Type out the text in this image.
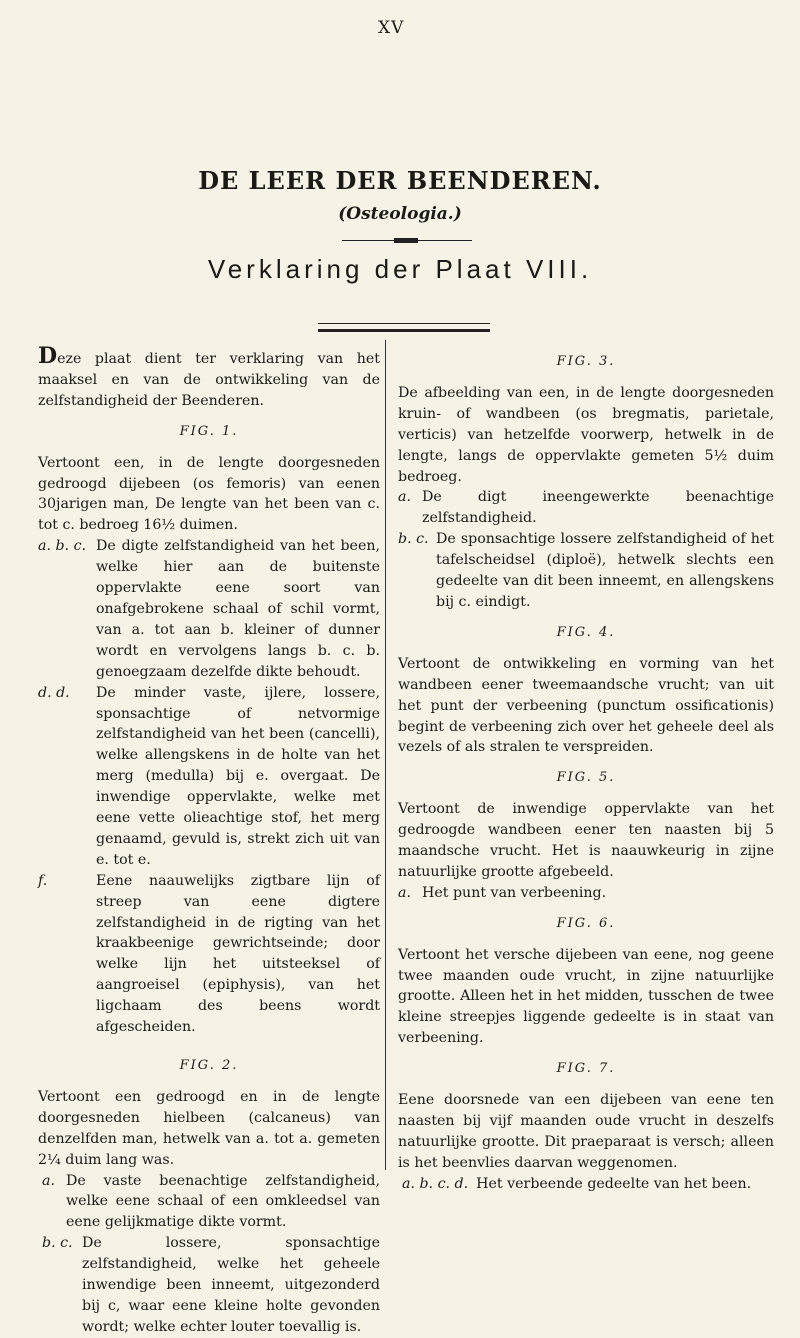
XV
DE LEER DER BEENDEREN.
(Osteologia.)
Verklaring der Plaat VIII.

Deze plaat dient ter verklaring van het maaksel en van de ontwikkeling van de zelfstandigheid der Beenderen.

FIG. 1.

Vertoont een, in de lengte doorgesneden gedroogd dijebeen (os femoris) van eenen 30jarigen man, De lengte van het been van c. tot c. bedroeg 16½ duimen.

a. b. c. De digte zelfstandigheid van het been, welke hier aan de buitenste oppervlakte eene soort van onafgebrokene schaal of schil vormt, van a. tot aan b. kleiner of dunner wordt en vervolgens langs b. c. b. genoegzaam dezelfde dikte behoudt.
d. d.	De minder vaste, ijlere, lossere, sponsachtige of netvormige zelfstandigheid van het been (cancelli), welke allengskens in de holte van het merg (medulla) bij e. overgaat. De inwendige oppervlakte, welke met eene vette olieachtige stof, het merg genaamd, gevuld is, strekt zich uit van e. tot e.
f.	Eene naauwelijks zigtbare lijn of streep van eene digtere zelfstandigheid in de rigting van het kraakbeenige gewrichtseinde; door welke lijn het uitsteeksel of aangroeisel (epiphysis), van het ligchaam des beens wordt afgescheiden.
FIG. 2.

Vertoont een gedroogd en in de lengte doorgesneden hielbeen (calcaneus) van denzelfden man, hetwelk van a. tot a. gemeten 2¼ duim lang was.

a. De vaste beenachtige zelfstandigheid, welke eene schaal of een omkleedsel van eene gelijkmatige dikte vormt.
b. c. De lossere, sponsachtige zelfstandigheid, welke het geheele inwendige been inneemt, uitgezonderd bij c, waar eene kleine holte gevonden wordt; welke echter louter toevallig is.
FIG. 3.

De afbeelding van een, in de lengte doorgesneden kruin- of wandbeen (os bregmatis, parietale, verticis) van hetzelfde voorwerp, hetwelk in de lengte, langs de oppervlakte gemeten 5½ duim bedroeg.

a. De digt ineengewerkte beenachtige zelfstandigheid.
b. c. De sponsachtige lossere zelfstandigheid of het tafelscheidsel (diploë), hetwelk slechts een gedeelte van dit been inneemt, en allengskens bij c. eindigt.
FIG. 4.

Vertoont de ontwikkeling en vorming van het wandbeen eener tweemaandsche vrucht; van uit het punt der verbeening (punctum ossificationis) begint de verbeening zich over het geheele deel als vezels of als stralen te verspreiden.

FIG. 5.

Vertoont de inwendige oppervlakte van het gedroogde wandbeen eener ten naasten bij 5 maandsche vrucht. Het is naauwkeurig in zijne natuurlijke grootte afgebeeld.

a. Het punt van verbeening.
FIG. 6.

Vertoont het versche dijebeen van eene, nog geene twee maanden oude vrucht, in zijne natuurlijke grootte. Alleen het in het midden, tusschen de twee kleine streepjes liggende gedeelte is in staat van verbeening.

FIG. 7.

Eene doorsnede van een dijebeen van eene ten naasten bij vijf maanden oude vrucht in deszelfs natuurlijke grootte. Dit praeparaat is versch; alleen is het beenvlies daarvan weggenomen.

a. b. c. d. Het verbeende gedeelte van het been.
